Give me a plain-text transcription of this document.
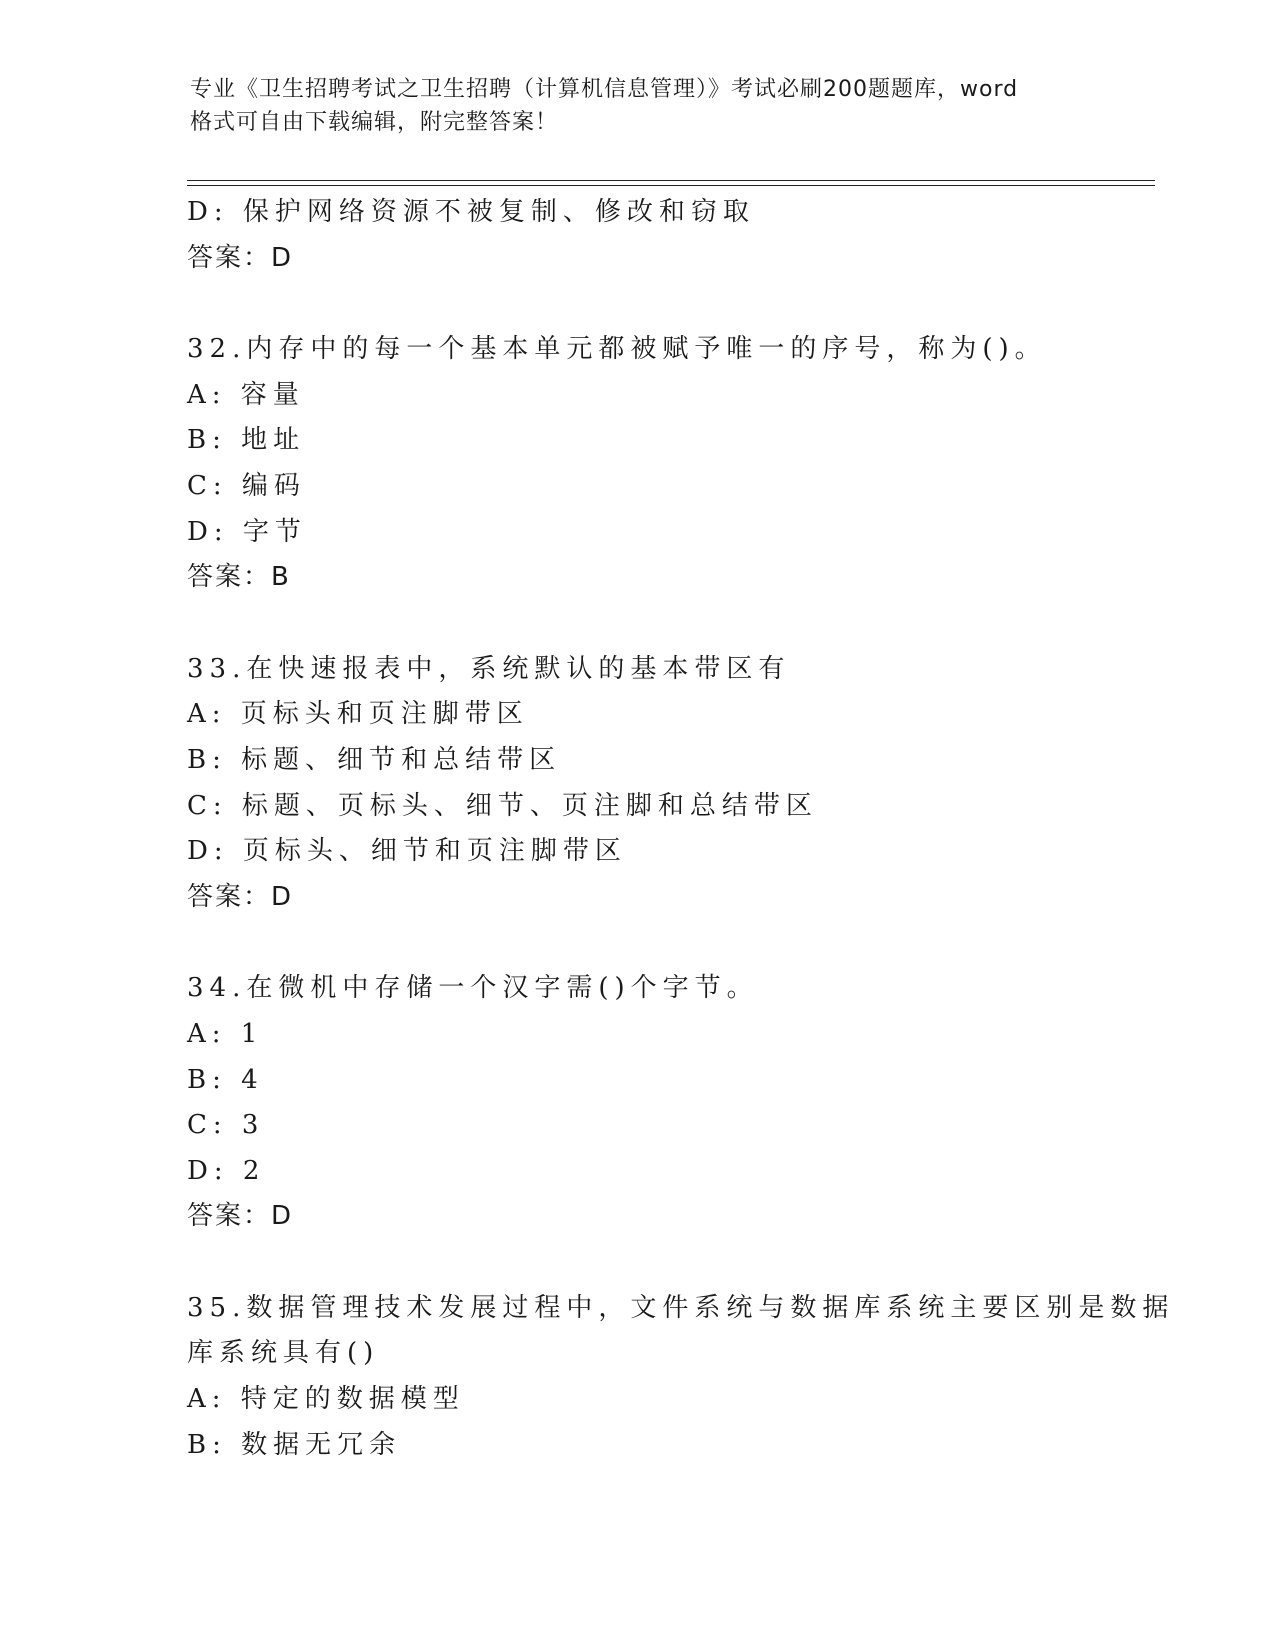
专业《卫生招聘考试之卫生招聘（计算机信息管理）》考试必刷200题题库，word
格式可自由下载编辑，附完整答案！
D: 保护网络资源不被复制、修改和窃取
答案：D
32.内存中的每一个基本单元都被赋予唯一的序号，称为()。
A: 容量
B: 地址
C: 编码
D: 字节
答案：B
33.在快速报表中，系统默认的基本带区有
A: 页标头和页注脚带区
B: 标题、细节和总结带区
C: 标题、页标头、细节、页注脚和总结带区
D: 页标头、细节和页注脚带区
答案：D
34.在微机中存储一个汉字需()个字节。
A: 1
B: 4
C: 3
D: 2
答案：D
35.数据管理技术发展过程中，文件系统与数据库系统主要区别是数据
库系统具有()
A: 特定的数据模型
B: 数据无冗余
